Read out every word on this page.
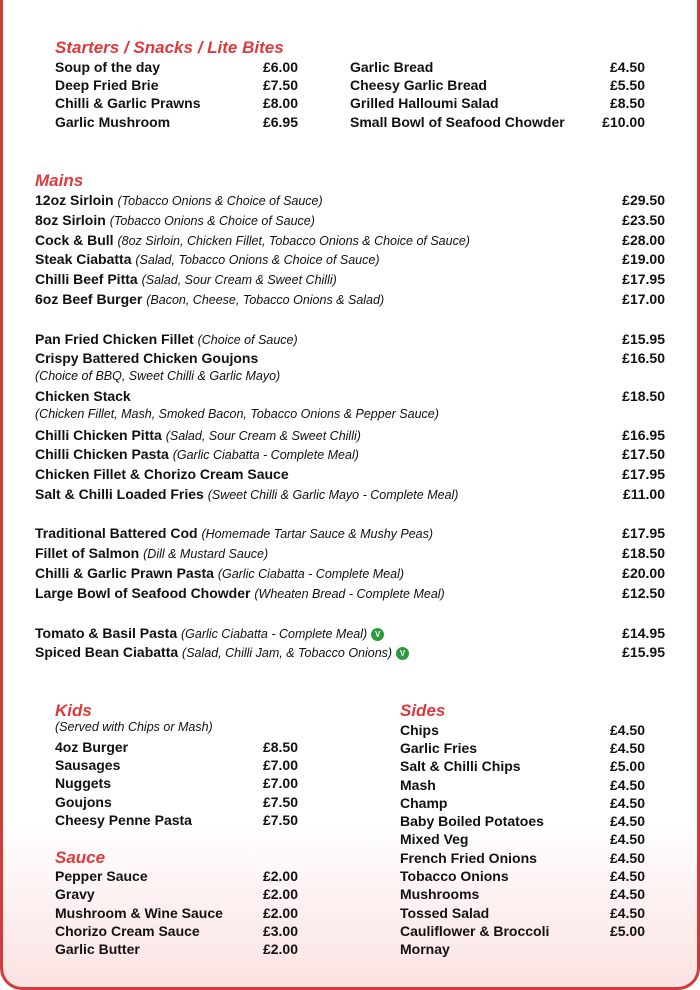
Starters / Snacks / Lite Bites
Soup of the day	£6.00
Deep Fried Brie	£7.50
Chilli & Garlic Prawns	£8.00
Garlic Mushroom	£6.95
Garlic Bread	£4.50
Cheesy Garlic Bread	£5.50
Grilled Halloumi Salad	£8.50
Small Bowl of Seafood Chowder	£10.00
Mains
12oz Sirloin (Tobacco Onions & Choice of Sauce)	£29.50
8oz Sirloin (Tobacco Onions & Choice of Sauce)	£23.50
Cock & Bull (8oz Sirloin, Chicken Fillet, Tobacco Onions & Choice of Sauce)	£28.00
Steak Ciabatta (Salad, Tobacco Onions & Choice of Sauce)	£19.00
Chilli Beef Pitta (Salad, Sour Cream & Sweet Chilli)	£17.95
6oz Beef Burger (Bacon, Cheese, Tobacco Onions & Salad)	£17.00
Pan Fried Chicken Fillet (Choice of Sauce)	£15.95
Crispy Battered Chicken Goujons	£16.50
(Choice of BBQ, Sweet Chilli & Garlic Mayo)
Chicken Stack	£18.50
(Chicken Fillet, Mash, Smoked Bacon, Tobacco Onions & Pepper Sauce)
Chilli Chicken Pitta (Salad, Sour Cream & Sweet Chilli)	£16.95
Chilli Chicken Pasta (Garlic Ciabatta - Complete Meal)	£17.50
Chicken Fillet & Chorizo Cream Sauce	£17.95
Salt & Chilli Loaded Fries (Sweet Chilli & Garlic Mayo - Complete Meal)	£11.00
Traditional Battered Cod (Homemade Tartar Sauce & Mushy Peas)	£17.95
Fillet of Salmon (Dill & Mustard Sauce)	£18.50
Chilli & Garlic Prawn Pasta (Garlic Ciabatta - Complete Meal)	£20.00
Large Bowl of Seafood Chowder (Wheaten Bread - Complete Meal)	£12.50
Tomato & Basil Pasta (Garlic Ciabatta - Complete Meal) V	£14.95
Spiced Bean Ciabatta (Salad, Chilli Jam, & Tobacco Onions) V	£15.95
Kids
(Served with Chips or Mash)
4oz Burger	£8.50
Sausages	£7.00
Nuggets	£7.00
Goujons	£7.50
Cheesy Penne Pasta	£7.50
Sauce
Pepper Sauce	£2.00
Gravy	£2.00
Mushroom & Wine Sauce	£2.00
Chorizo Cream Sauce	£3.00
Garlic Butter	£2.00
Sides
Chips	£4.50
Garlic Fries	£4.50
Salt & Chilli Chips	£5.00
Mash	£4.50
Champ	£4.50
Baby Boiled Potatoes	£4.50
Mixed Veg	£4.50
French Fried Onions	£4.50
Tobacco Onions	£4.50
Mushrooms	£4.50
Tossed Salad	£4.50
Cauliflower & Broccoli	£5.00
Mornay
